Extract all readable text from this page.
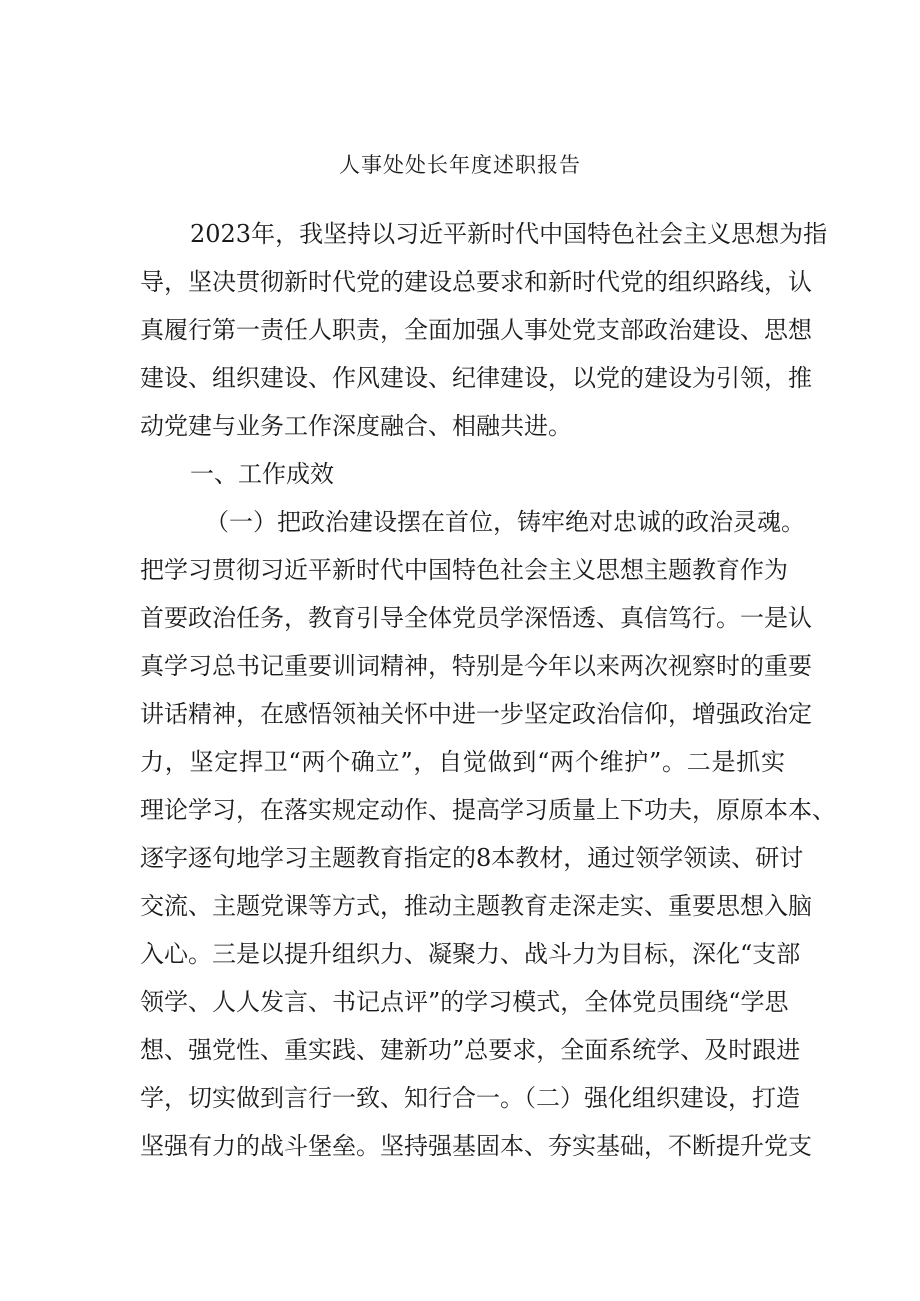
人事处处长年度述职报告
2023年，我坚持以习近平新时代中国特色社会主义思想为指
导，坚决贯彻新时代党的建设总要求和新时代党的组织路线，认
真履行第一责任人职责，全面加强人事处党支部政治建设、思想
建设、组织建设、作风建设、纪律建设，以党的建设为引领，推
动党建与业务工作深度融合、相融共进。
一、工作成效
（一）把政治建设摆在首位，铸牢绝对忠诚的政治灵魂。
把学习贯彻习近平新时代中国特色社会主义思想主题教育作为
首要政治任务，教育引导全体党员学深悟透、真信笃行。一是认
真学习总书记重要训词精神，特别是今年以来两次视察时的重要
讲话精神，在感悟领袖关怀中进一步坚定政治信仰，增强政治定
力，坚定捍卫“两个确立”，自觉做到“两个维护”。二是抓实
理论学习，在落实规定动作、提高学习质量上下功夫，原原本本、
逐字逐句地学习主题教育指定的8本教材，通过领学领读、研讨
交流、主题党课等方式，推动主题教育走深走实、重要思想入脑
入心。三是以提升组织力、凝聚力、战斗力为目标，深化“支部
领学、人人发言、书记点评”的学习模式，全体党员围绕“学思
想、强党性、重实践、建新功”总要求，全面系统学、及时跟进
学，切实做到言行一致、知行合一。（二）强化组织建设，打造
坚强有力的战斗堡垒。坚持强基固本、夯实基础，不断提升党支
